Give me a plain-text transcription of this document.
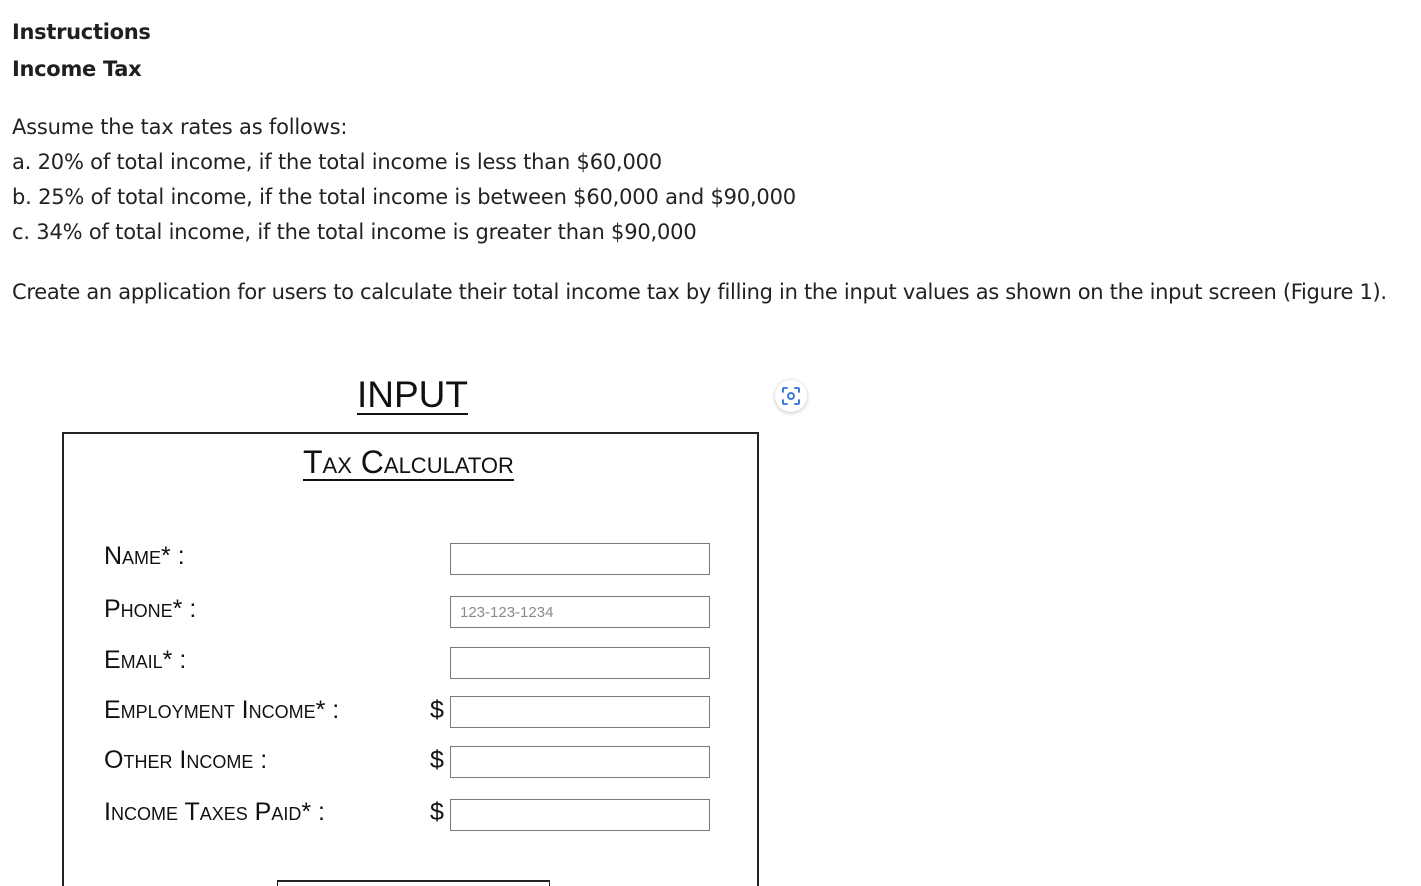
Instructions
Income Tax
Assume the tax rates as follows:
a. 20% of total income, if the total income is less than $60,000
b. 25% of total income, if the total income is between $60,000 and $90,000
c. 34% of total income, if the total income is greater than $90,000
Create an application for users to calculate their total income tax by filling in the input values as shown on the input screen (Figure 1).
INPUT
Tax Calculator
Name* :
Phone* :
123-123-1234
Email* :
Employment Income* :	$
Other Income :	$
Income Taxes Paid* :	$
